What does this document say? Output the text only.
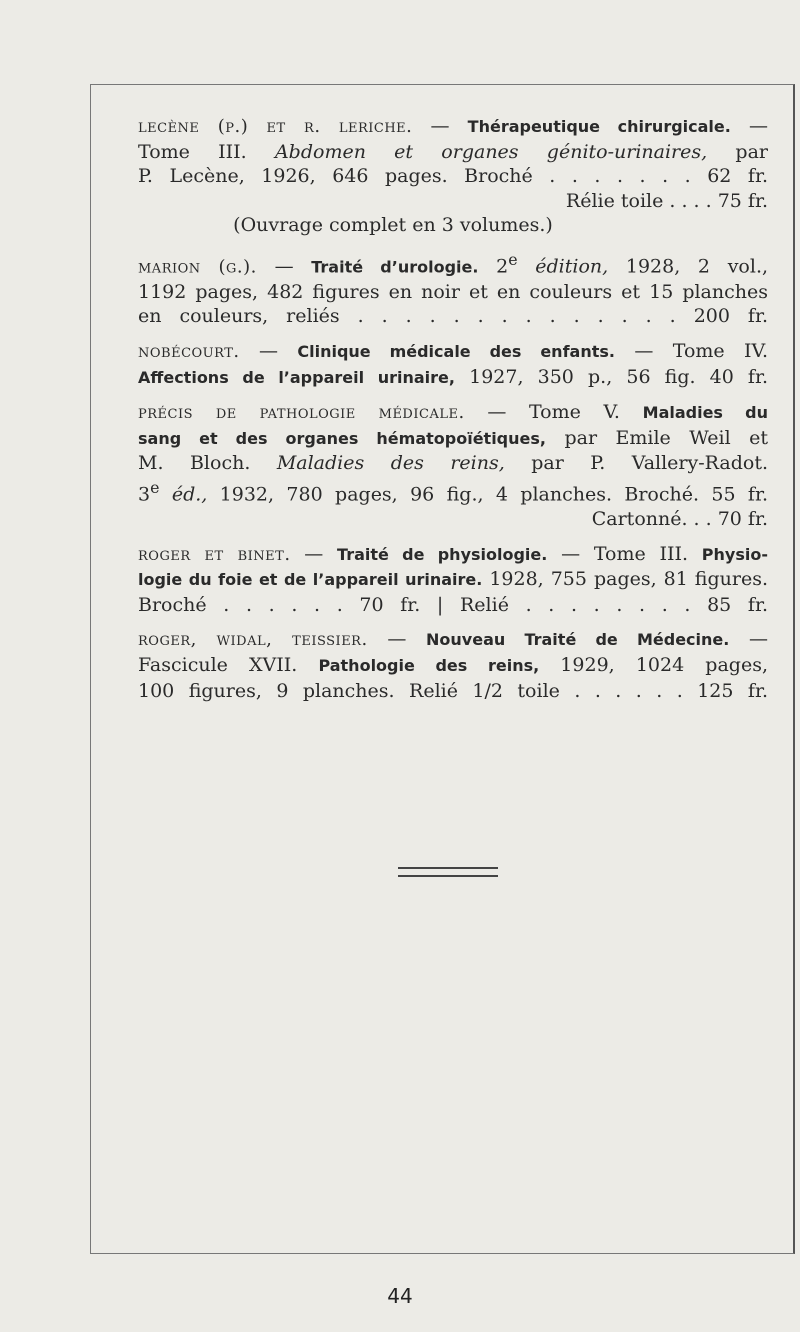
lecène (p.) et r. leriche. — Thérapeutique chirurgicale. —
Tome III. Abdomen et organes génito-urinaires, par
P. Lecène, 1926, 646 pages. Broché . . . . . . . 62 fr.
Rélie toile . . . . 75 fr.
(Ouvrage complet en 3 volumes.)
marion (g.). — Traité d’urologie. 2e édition, 1928, 2 vol.,
1192 pages, 482 figures en noir et en couleurs et 15 planches
en couleurs, reliés . . . . . . . . . . . . . . 200 fr.
nobécourt. — Clinique médicale des enfants. — Tome IV.
Affections de l’appareil urinaire, 1927, 350 p., 56 fig. 40 fr.
précis de pathologie médicale. — Tome V. Maladies du
sang et des organes hématopoïétiques, par Emile Weil et
M. Bloch. Maladies des reins, par P. Vallery-Radot.
3e éd., 1932, 780 pages, 96 fig., 4 planches. Broché. 55 fr.
Cartonné. . . 70 fr.
roger et binet. — Traité de physiologie. — Tome III. Physio-
logie du foie et de l’appareil urinaire. 1928, 755 pages, 81 figures.
Broché . . . . . . 70 fr. | Relié . . . . . . . . 85 fr.
roger, widal, teissier. — Nouveau Traité de Médecine. —
Fascicule XVII. Pathologie des reins, 1929, 1024 pages,
100 figures, 9 planches. Relié 1/2 toile . . . . . . 125 fr.
44
